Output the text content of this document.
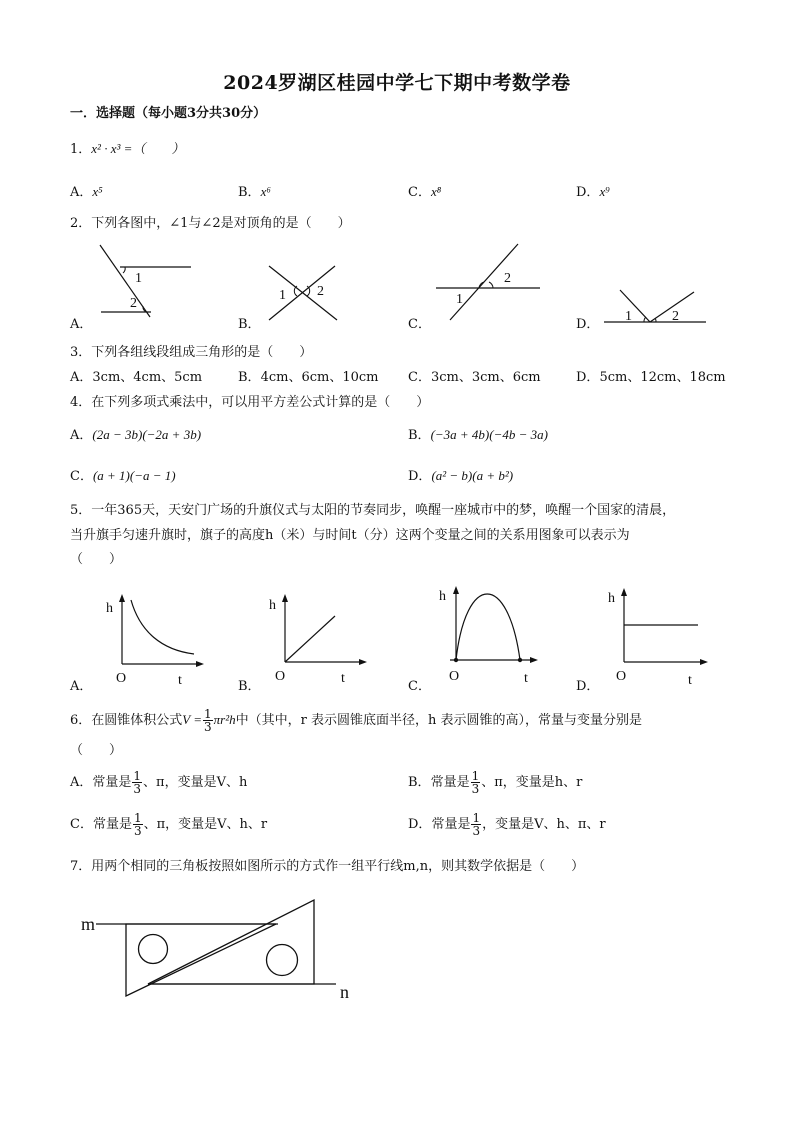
2024罗湖区桂园中学七下期中考数学卷
一．选择题（每小题3分共30分）
1．x² · x³ =（　　）
A．x⁵	B．x⁶	C．x⁸	D．x⁹
2．下列各图中，∠1与∠2是对顶角的是（　　）
1
2
1 2
1
2
1	2
A．	B．	C．	D．
3．下列各组线段组成三角形的是（　　）
A．3cm、4cm、5cm	B．4cm、6cm、10cm C．3cm、3cm、6cm	D．5cm、12cm、18cm
4．在下列多项式乘法中，可以用平方差公式计算的是（　　）
A．(2a − 3b)(−2a + 3b)	B．(−3a + 4b)(−4b − 3a)
C．(a + 1)(−a − 1)	D．(a² − b)(a + b²)
5．一年365天，天安门广场的升旗仪式与太阳的节奏同步，唤醒一座城市中的梦，唤醒一个国家的清晨，
当升旗手匀速升旗时，旗子的高度h（米）与时间t（分）这两个变量之间的关系用图象可以表示为
（　　）
h
O	t
h
O	t
h
O	t
h
O	t
A．	B．	C．	D．
6．在圆锥体积公式$V = \frac{1}{3} \pi r^2h$中（其中，r 表示圆锥底面半径，h 表示圆锥的高），常量与变量分别是
（　　）
A．常量是 $\frac{1}{3}$ 、π，变量是V、h	B．常量是 $\frac{1}{3}$ 、π，变量是h、r
C．常量是 $\frac{1}{3}$ 、π，变量是V、h、r	D．常量是 $\frac{1}{3}$ ，变量是V、h、π、r
7．用两个相同的三角板按照如图所示的方式作一组平行线m,n，则其数学依据是（　　）
m
n
